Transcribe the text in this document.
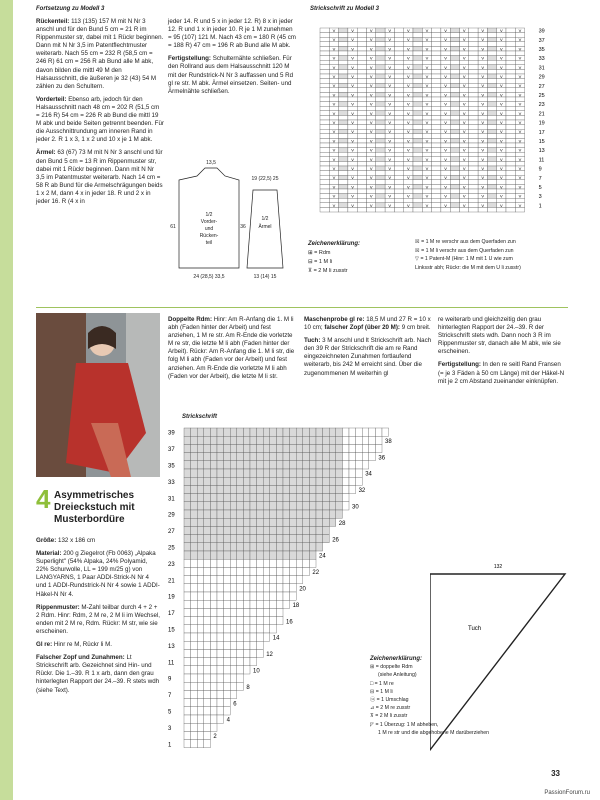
Fortsetzung zu Modell 3

Rückenteil: 113 (135) 157 M mit N Nr 3 anschl und für den Bund 5 cm = 21 R im Rippenmuster str, dabei mit 1 Rückr beginnen. Dann mit N Nr 3,5 im Patentflechtmuster weiterarb. Nach 55 cm = 232 R (58,5 cm = 246 R) 61 cm = 256 R ab Bund alle M abk, davon bilden die mittl 49 M den Halsausschnitt, die äußeren je 32 (43) 54 M zählen zu den Schultern.

Vorderteil: Ebenso arb, jedoch für den Halsausschnitt nach 48 cm = 202 R (51,5 cm = 216 R) 54 cm = 226 R ab Bund die mittl 19 M abk und beide Seiten getrennt beenden. Für die Ausschnittrundung am inneren Rand in jeder 2. R 1 x 3, 1 x 2 und 10 x je 1 M abk.

Ärmel: 63 (67) 73 M mit N Nr 3 anschl und für den Bund 5 cm = 13 R im Rippenmuster str, dabei mit 1 Rückr beginnen. Dann mit N Nr 3,5 im Patentmuster weiterarb. Nach 14 cm = 58 R ab Bund für die Armelschrägungen beids 1 x 2 M, dann 4 x in jeder 18. R und 2 x in jeder 16. R (4 x in

jeder 14. R und 5 x in jeder 12. R) 8 x in jeder 12. R und 1 x in jeder 10. R je 1 M zunehmen = 95 (107) 121 M. Nach 43 cm = 180 R (45 cm = 188 R) 47 cm = 196 R ab Bund alle M abk.

Fertigstellung: Schulternähte schließen. Für den Rollrand aus dem Halsausschnitt 120 M mit der Rundstrick-N Nr 3 auffassen und 5 Rd gl re str. M abk. Ärmel einsetzen. Seiten- und Ärmelnähte schließen.

1/2
Vorder-
und
Rücken-
teil
1/2
Ärmel
13,5
24 (28,5) 33,5
36
19 (22,5) 25
13 (14) 15
61
Strickschrift zu Modell 3
V	V	V	V	V	V	V	V	V	V	V
V	V	V	V	V	V	V	V	V	V	V
V	V	V	V	V	V	V	V	V	V	V
V	V	V	V	V	V	V	V	V	V	V
V	V	V	V	V	V	V	V	V	V	V
V	V	V	V	V	V	V	V	V	V	V
V	V	V	V	V	V	V	V	V	V	V
V	V	V	V	V	V	V	V	V	V	V
V	V	V	V	V	V	V	V	V	V	V
V	V	V	V	V	V	V	V	V	V	V
V	V	V	V	V	V	V	V	V	V	V
V	V	V	V	V	V	V	V	V	V	V
V	V	V	V	V	V	V	V	V	V	V
V	V	V	V	V	V	V	V	V	V	V
V	V	V	V	V	V	V	V	V	V	V
V	V	V	V	V	V	V	V	V	V	V
V	V	V	V	V	V	V	V	V	V	V
V	V	V	V	V	V	V	V	V	V	V
V	V	V	V	V	V	V	V	V	V	V
V	V	V	V	V	V	V	V	V	V	V
39
37
35
33
31
29
27
25
23
21
19
17
15
13
11
9
7
5
3
1
Zeichenerklärung:
⊞ = Rdm
⊟ = 1 M li
⊼ = 2 M li zusstr
☒ = 1 M re verschr aus dem Querfaden zun
☒ = 1 M li verschr aus dem Querfaden zun
▽ = 1 Patent-M (Hinr: 1 M mit 1 U wie zum
Linksstr abh; Rückr: die M mit dem U li zusstr)
4 Asymmetrisches
Dreieckstuch mit
Musterbordüre

Größe: 132 x 186 cm

Material: 200 g Ziegelrot (Fb 0063) „Alpaka Superlight" (54% Alpaka, 24% Polyamid, 22% Schurwolle, LL = 199 m/25 g) von LANGYARNS, 1 Paar ADDI-Strick-N Nr 4 und 1 ADDI-Rundstrick-N Nr 4 sowie 1 ADDI-Häkel-N Nr 4.

Rippenmuster: M-Zahl teilbar durch 4 + 2 + 2 Rdm. Hinr: Rdm, 2 M re, 2 M li im Wechsel, enden mit 2 M re, Rdm. Rückr: M str, wie sie erscheinen.

Gl re: Hinr re M, Rückr li M.

Falscher Zopf und Zunahmen: Lt Strickschrift arb. Gezeichnet sind Hin- und Rückr. Die 1.–39. R 1 x arb, dann den grau hinterlegten Rapport der 24.–39. R stets wdh (siehe Text).

Doppelte Rdm: Hinr: Am R-Anfang die 1. M li abh (Faden hinter der Arbeit) und fest anziehen, 1 M re str. Am R-Ende die vorletzte M re str, die letzte M li abh (Faden hinter der Arbeit). Rückr: Am R-Anfang die 1. M li str, die folg M li abh (Faden vor der Arbeit) und fest anziehen. Am R-Ende die vorletzte M li abh (Faden vor der Arbeit), die letzte M li str.

Maschenprobe gl re: 18,5 M und 27 R = 10 x 10 cm; falscher Zopf (über 20 M): 9 cm breit.

Tuch: 3 M anschl und lt Strickschrift arb. Nach den 39 R der Strickschrift die am re Rand eingezeichneten Zunahmen fortlaufend weiterarb, bis 242 M erreicht sind. Über die zugenommenen M weiterhin gl

re weiterarb und gleichzeitig den grau hinterlegten Rapport der 24.–39. R der Strickschrift stets wdh. Dann noch 3 R im Rippenmuster str, danach alle M abk, wie sie erscheinen.

Fertigstellung: In den re seitl Rand Fransen (= je 3 Fäden à 50 cm Länge) mit der Häkel-N mit je 2 cm Abstand zueinander einknüpfen.

Strickschrift
39
37
35
33
31
29
27
25
23
21
19
17
15
13
11
9
7
5
3
1
38
36
34
32
30
28
26
24
22
20
18
16
14
12
10
8
6
4
2
Zeichenerklärung:
⊞ = doppelte Rdm
(siehe Anleitung)
□ = 1 M re
⊟ = 1 M li
ⓤ = 1 Umschlag
⊿ = 2 M re zusstr
⊼ = 2 M li zusstr
◸ = 1 Überzug: 1 M abheben,
1 M re str und die abgehobene M darüberziehen
132
Tuch
33
PassionForum.ru
